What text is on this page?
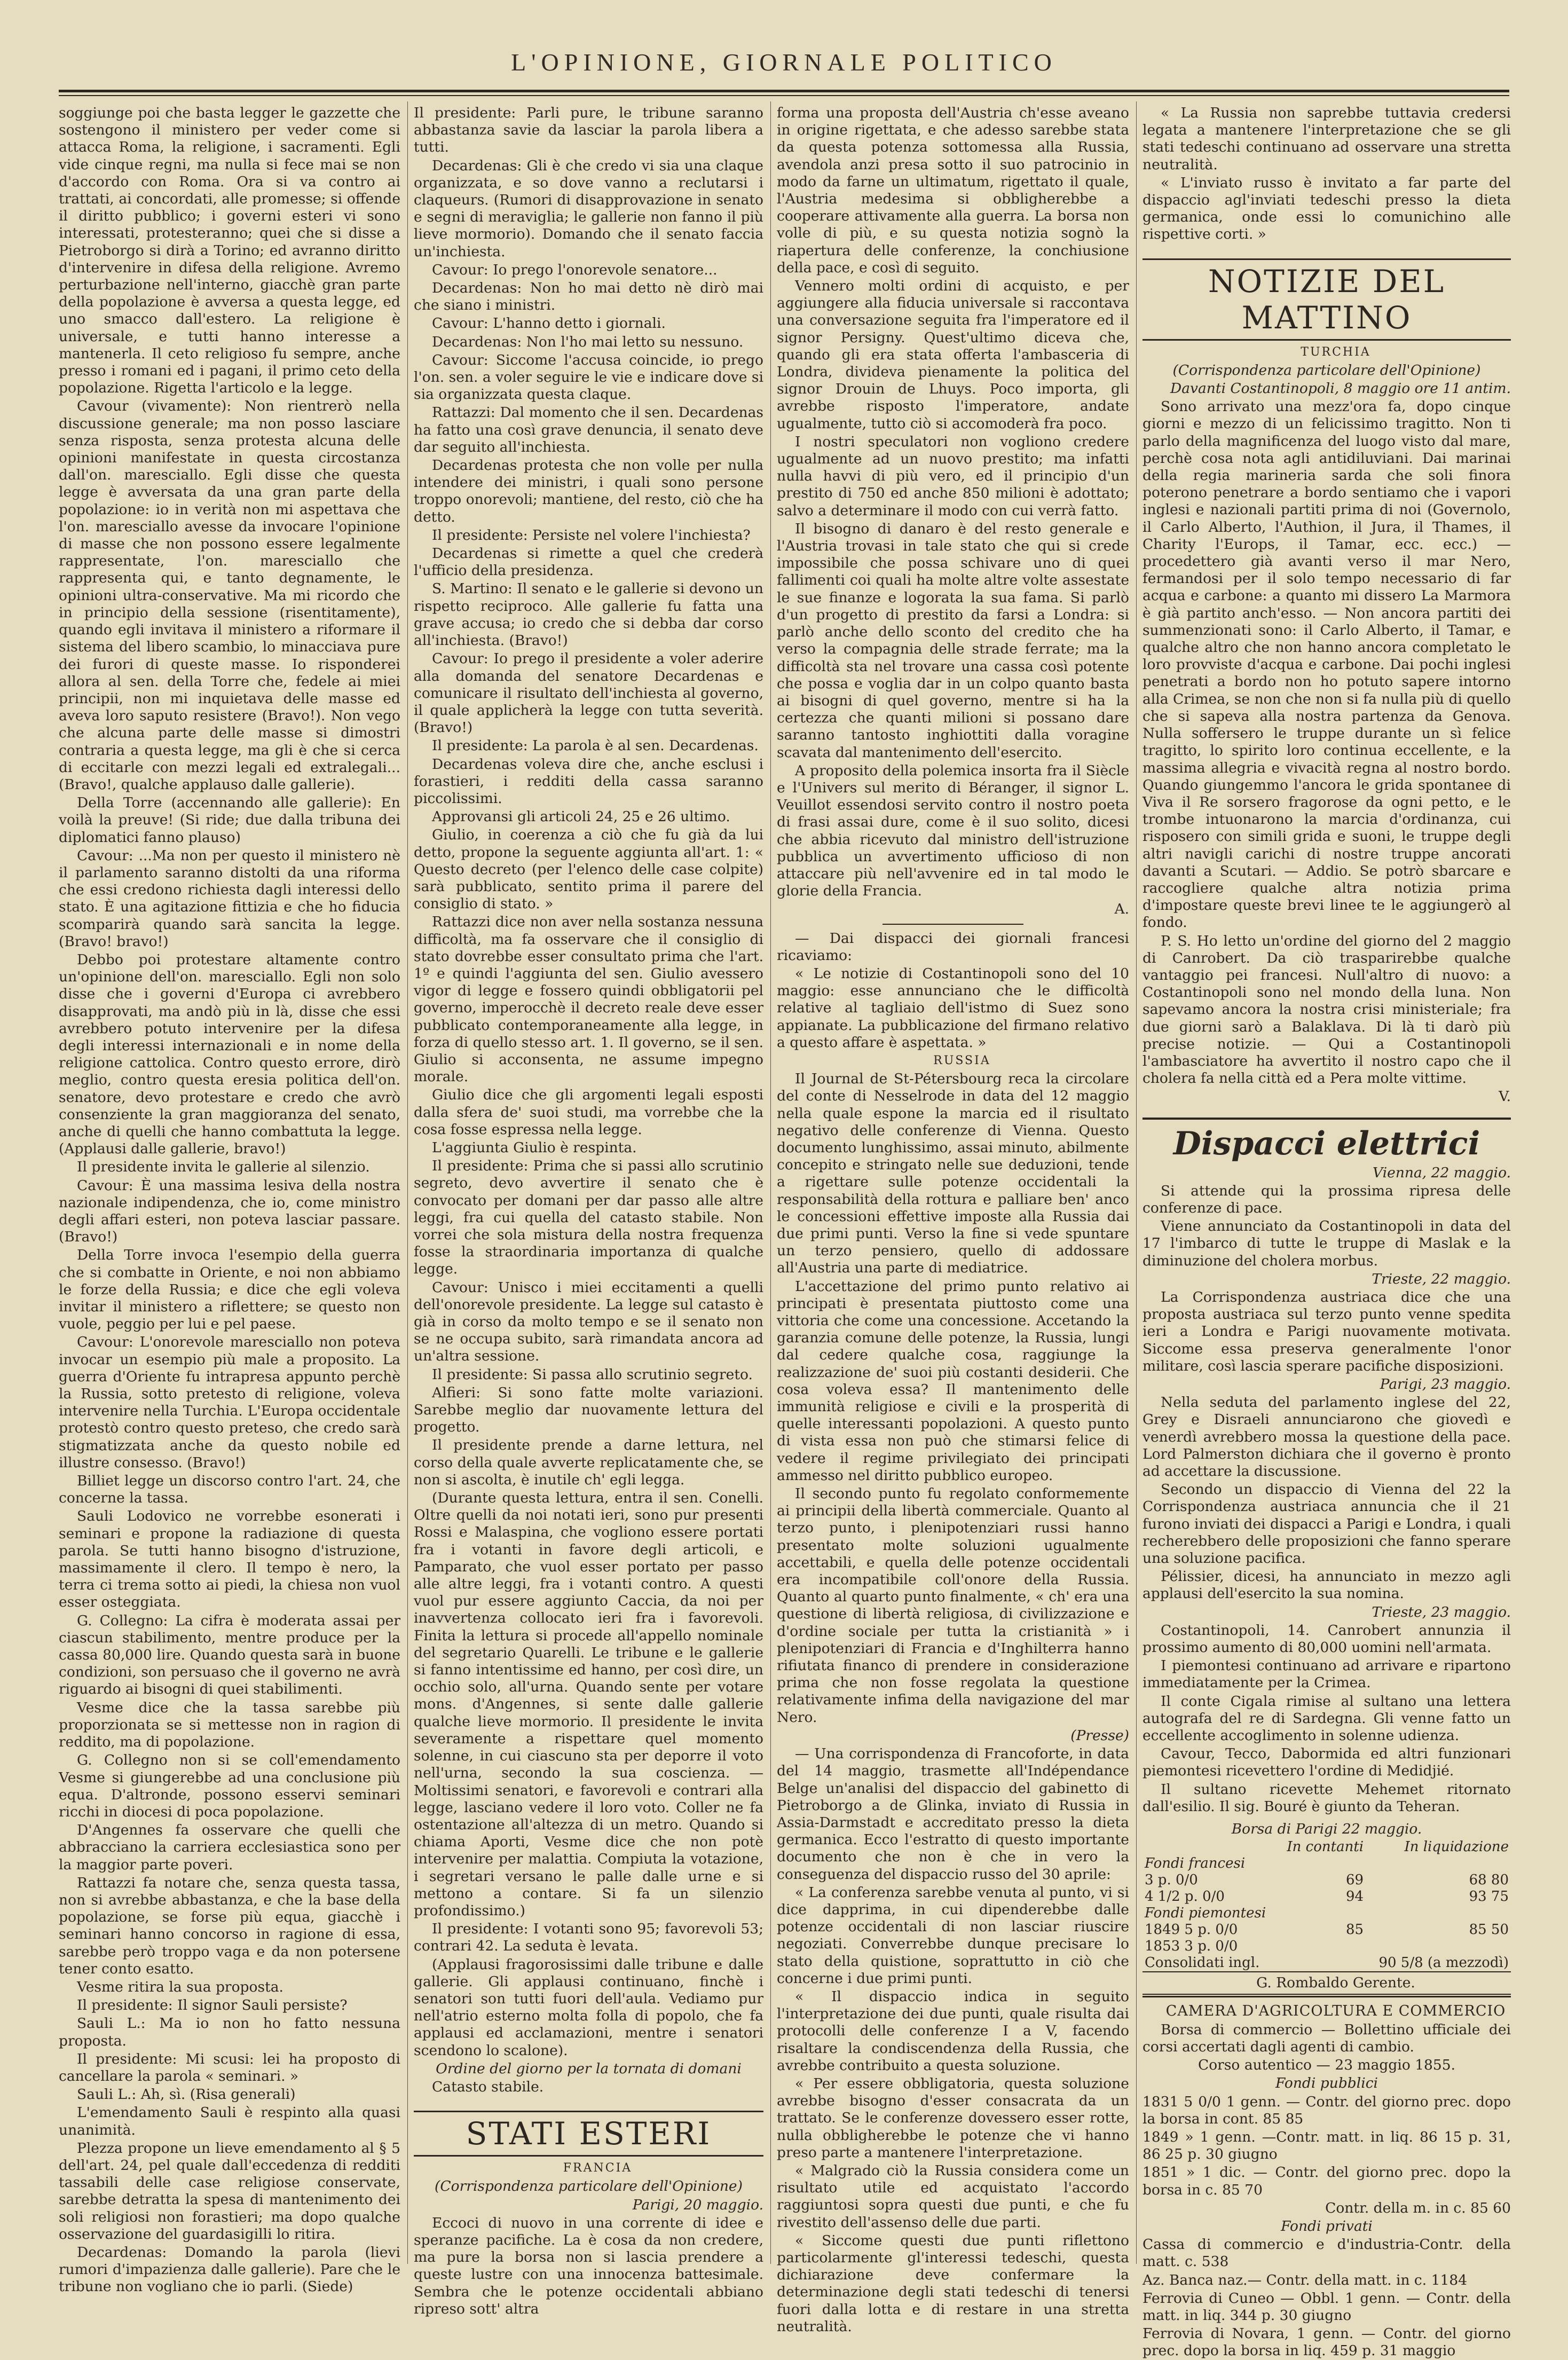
L'OPINIONE, GIORNALE POLITICO

soggiunge poi che basta legger le gazzette che sostengono il ministero per veder come si attacca Roma, la religione, i sacramenti. Egli vide cinque regni, ma nulla si fece mai se non d'accordo con Roma. Ora si va contro ai trattati, ai concordati, alle promesse; si offende il diritto pubblico; i governi esteri vi sono interessati, protesteranno; quei che si disse a Pietroborgo si dirà a Torino; ed avranno diritto d'intervenire in difesa della religione. Avremo perturbazione nell'interno, giacchè gran parte della popolazione è avversa a questa legge, ed uno smacco dall'estero. La religione è universale, e tutti hanno interesse a mantenerla. Il ceto religioso fu sempre, anche presso i romani ed i pagani, il primo ceto della popolazione. Rigetta l'articolo e la legge.

Cavour (vivamente): Non rientrerò nella discussione generale; ma non posso lasciare senza risposta, senza protesta alcuna delle opinioni manifestate in questa circostanza dall'on. maresciallo. Egli disse che questa legge è avversata da una gran parte della popolazione: io in verità non mi aspettava che l'on. maresciallo avesse da invocare l'opinione di masse che non possono essere legalmente rappresentate, l'on. maresciallo che rappresenta qui, e tanto degnamente, le opinioni ultra-conservative. Ma mi ricordo che in principio della sessione (risentitamente), quando egli invitava il ministero a riformare il sistema del libero scambio, lo minacciava pure dei furori di queste masse. Io risponderei allora al sen. della Torre che, fedele ai miei principii, non mi inquietava delle masse ed aveva loro saputo resistere (Bravo!). Non vego che alcuna parte delle masse si dimostri contraria a questa legge, ma gli è che si cerca di eccitarle con mezzi legali ed extralegali... (Bravo!, qualche applauso dalle gallerie).

Della Torre (accennando alle gallerie): En voilà la preuve! (Si ride; due dalla tribuna dei diplomatici fanno plauso)

Cavour: ...Ma non per questo il ministero nè il parlamento saranno distolti da una riforma che essi credono richiesta dagli interessi dello stato. È una agitazione fittizia e che ho fiducia scomparirà quando sarà sancita la legge. (Bravo! bravo!)

Debbo poi protestare altamente contro un'opinione dell'on. maresciallo. Egli non solo disse che i governi d'Europa ci avrebbero disapprovati, ma andò più in là, disse che essi avrebbero potuto intervenire per la difesa degli interessi internazionali e in nome della religione cattolica. Contro questo errore, dirò meglio, contro questa eresia politica dell'on. senatore, devo protestare e credo che avrò consenziente la gran maggioranza del senato, anche di quelli che hanno combattuta la legge. (Applausi dalle gallerie, bravo!)

Il presidente invita le gallerie al silenzio.

Cavour: È una massima lesiva della nostra nazionale indipendenza, che io, come ministro degli affari esteri, non poteva lasciar passare. (Bravo!)

Della Torre invoca l'esempio della guerra che si combatte in Oriente, e noi non abbiamo le forze della Russia; e dice che egli voleva invitar il ministero a riflettere; se questo non vuole, peggio per lui e pel paese.

Cavour: L'onorevole maresciallo non poteva invocar un esempio più male a proposito. La guerra d'Oriente fu intrapresa appunto perchè la Russia, sotto pretesto di religione, voleva intervenire nella Turchia. L'Europa occidentale protestò contro questo preteso, che credo sarà stigmatizzata anche da questo nobile ed illustre consesso. (Bravo!)

Billiet legge un discorso contro l'art. 24, che concerne la tassa.

Sauli Lodovico ne vorrebbe esonerati i seminari e propone la radiazione di questa parola. Se tutti hanno bisogno d'istruzione, massimamente il clero. Il tempo è nero, la terra ci trema sotto ai piedi, la chiesa non vuol esser osteggiata.

G. Collegno: La cifra è moderata assai per ciascun stabilimento, mentre produce per la cassa 80,000 lire. Quando questa sarà in buone condizioni, son persuaso che il governo ne avrà riguardo ai bisogni di quei stabilimenti.

Vesme dice che la tassa sarebbe più proporzionata se si mettesse non in ragion di reddito, ma di popolazione.

G. Collegno non si se coll'emendamento Vesme si giungerebbe ad una conclusione più equa. D'altronde, possono esservi seminari ricchi in diocesi di poca popolazione.

D'Angennes fa osservare che quelli che abbracciano la carriera ecclesiastica sono per la maggior parte poveri.

Rattazzi fa notare che, senza questa tassa, non si avrebbe abbastanza, e che la base della popolazione, se forse più equa, giacchè i seminari hanno concorso in ragione di essa, sarebbe però troppo vaga e da non potersene tener conto esatto.

Vesme ritira la sua proposta.

Il presidente: Il signor Sauli persiste?

Sauli L.: Ma io non ho fatto nessuna proposta.

Il presidente: Mi scusi: lei ha proposto di cancellare la parola « seminari. »

Sauli L.: Ah, sì. (Risa generali)

L'emendamento Sauli è respinto alla quasi unanimità.

Plezza propone un lieve emendamento al § 5 dell'art. 24, pel quale dall'eccedenza di redditi tassabili delle case religiose conservate, sarebbe detratta la spesa di mantenimento dei soli religiosi non forastieri; ma dopo qualche osservazione del guardasigilli lo ritira.

Decardenas: Domando la parola (lievi rumori d'impazienza dalle gallerie). Pare che le tribune non vogliano che io parli. (Siede)

Il presidente: Parli pure, le tribune saranno abbastanza savie da lasciar la parola libera a tutti.

Decardenas: Gli è che credo vi sia una claque organizzata, e so dove vanno a reclutarsi i claqueurs. (Rumori di disapprovazione in senato e segni di meraviglia; le gallerie non fanno il più lieve mormorio). Domando che il senato faccia un'inchiesta.

Cavour: Io prego l'onorevole senatore...

Decardenas: Non ho mai detto nè dirò mai che siano i ministri.

Cavour: L'hanno detto i giornali.

Decardenas: Non l'ho mai letto su nessuno.

Cavour: Siccome l'accusa coincide, io prego l'on. sen. a voler seguire le vie e indicare dove si sia organizzata questa claque.

Rattazzi: Dal momento che il sen. Decardenas ha fatto una così grave denuncia, il senato deve dar seguito all'inchiesta.

Decardenas protesta che non volle per nulla intendere dei ministri, i quali sono persone troppo onorevoli; mantiene, del resto, ciò che ha detto.

Il presidente: Persiste nel volere l'inchiesta?

Decardenas si rimette a quel che crederà l'ufficio della presidenza.

S. Martino: Il senato e le gallerie si devono un rispetto reciproco. Alle gallerie fu fatta una grave accusa; io credo che si debba dar corso all'inchiesta. (Bravo!)

Cavour: Io prego il presidente a voler aderire alla domanda del senatore Decardenas e comunicare il risultato dell'inchiesta al governo, il quale applicherà la legge con tutta severità. (Bravo!)

Il presidente: La parola è al sen. Decardenas.

Decardenas voleva dire che, anche esclusi i forastieri, i redditi della cassa saranno piccolissimi.

Approvansi gli articoli 24, 25 e 26 ultimo.

Giulio, in coerenza a ciò che fu già da lui detto, propone la seguente aggiunta all'art. 1: « Questo decreto (per l'elenco delle case colpite) sarà pubblicato, sentito prima il parere del consiglio di stato. »

Rattazzi dice non aver nella sostanza nessuna difficoltà, ma fa osservare che il consiglio di stato dovrebbe esser consultato prima che l'art. 1º e quindi l'aggiunta del sen. Giulio avessero vigor di legge e fossero quindi obbligatorii pel governo, imperocchè il decreto reale deve esser pubblicato contemporaneamente alla legge, in forza di quello stesso art. 1. Il governo, se il sen. Giulio si acconsenta, ne assume impegno morale.

Giulio dice che gli argomenti legali esposti dalla sfera de' suoi studi, ma vorrebbe che la cosa fosse espressa nella legge.

L'aggiunta Giulio è respinta.

Il presidente: Prima che si passi allo scrutinio segreto, devo avvertire il senato che è convocato per domani per dar passo alle altre leggi, fra cui quella del catasto stabile. Non vorrei che sola mistura della nostra frequenza fosse la straordinaria importanza di qualche legge.

Cavour: Unisco i miei eccitamenti a quelli dell'onorevole presidente. La legge sul catasto è già in corso da molto tempo e se il senato non se ne occupa subito, sarà rimandata ancora ad un'altra sessione.

Il presidente: Si passa allo scrutinio segreto.

Alfieri: Si sono fatte molte variazioni. Sarebbe meglio dar nuovamente lettura del progetto.

Il presidente prende a darne lettura, nel corso della quale avverte replicatamente che, se non si ascolta, è inutile ch' egli legga.

(Durante questa lettura, entra il sen. Conelli. Oltre quelli da noi notati ieri, sono pur presenti Rossi e Malaspina, che vogliono essere portati fra i votanti in favore degli articoli, e Pamparato, che vuol esser portato per passo alle altre leggi, fra i votanti contro. A questi vuol pur essere aggiunto Caccia, da noi per inavvertenza collocato ieri fra i favorevoli. Finita la lettura si procede all'appello nominale del segretario Quarelli. Le tribune e le gallerie si fanno intentissime ed hanno, per così dire, un occhio solo, all'urna. Quando sente per votare mons. d'Angennes, si sente dalle gallerie qualche lieve mormorio. Il presidente le invita severamente a rispettare quel momento solenne, in cui ciascuno sta per deporre il voto nell'urna, secondo la sua coscienza. — Moltissimi senatori, e favorevoli e contrari alla legge, lasciano vedere il loro voto. Coller ne fa ostentazione all'altezza di un metro. Quando si chiama Aporti, Vesme dice che non potè intervenire per malattia. Compiuta la votazione, i segretari versano le palle dalle urne e si mettono a contare. Si fa un silenzio profondissimo.)

Il presidente: I votanti sono 95; favorevoli 53; contrari 42. La seduta è levata.

(Applausi fragorosissimi dalle tribune e dalle gallerie. Gli applausi continuano, finchè i senatori son tutti fuori dell'aula. Vediamo pur nell'atrio esterno molta folla di popolo, che fa applausi ed acclamazioni, mentre i senatori scendono lo scalone).

Ordine del giorno per la tornata di domani

Catasto stabile.

STATI ESTERI

FRANCIA

(Corrispondenza particolare dell'Opinione)

Parigi, 20 maggio.

Eccoci di nuovo in una corrente di idee e speranze pacifiche. La è cosa da non credere, ma pure la borsa non si lascia prendere a queste lustre con una innocenza battesimale. Sembra che le potenze occidentali abbiano ripreso sott' altra

forma una proposta dell'Austria ch'esse aveano in origine rigettata, e che adesso sarebbe stata da questa potenza sottomessa alla Russia, avendola anzi presa sotto il suo patrocinio in modo da farne un ultimatum, rigettato il quale, l'Austria medesima si obbligherebbe a cooperare attivamente alla guerra. La borsa non volle di più, e su questa notizia sognò la riapertura delle conferenze, la conchiusione della pace, e così di seguito.

Vennero molti ordini di acquisto, e per aggiungere alla fiducia universale si raccontava una conversazione seguita fra l'imperatore ed il signor Persigny. Quest'ultimo diceva che, quando gli era stata offerta l'ambasceria di Londra, divideva pienamente la politica del signor Drouin de Lhuys. Poco importa, gli avrebbe risposto l'imperatore, andate ugualmente, tutto ciò si accomoderà fra poco.

I nostri speculatori non vogliono credere ugualmente ad un nuovo prestito; ma infatti nulla havvi di più vero, ed il principio d'un prestito di 750 ed anche 850 milioni è adottato; salvo a determinare il modo con cui verrà fatto.

Il bisogno di danaro è del resto generale e l'Austria trovasi in tale stato che qui si crede impossibile che possa schivare uno di quei fallimenti coi quali ha molte altre volte assestate le sue finanze e logorata la sua fama. Si parlò d'un progetto di prestito da farsi a Londra: si parlò anche dello sconto del credito che ha verso la compagnia delle strade ferrate; ma la difficoltà sta nel trovare una cassa così potente che possa e voglia dar in un colpo quanto basta ai bisogni di quel governo, mentre si ha la certezza che quanti milioni si possano dare saranno tantosto inghiottiti dalla voragine scavata dal mantenimento dell'esercito.

A proposito della polemica insorta fra il Siècle e l'Univers sul merito di Béranger, il signor L. Veuillot essendosi servito contro il nostro poeta di frasi assai dure, come è il suo solito, dicesi che abbia ricevuto dal ministro dell'istruzione pubblica un avvertimento ufficioso di non attaccare più nell'avvenire ed in tal modo le glorie della Francia.

A.

— Dai dispacci dei giornali francesi ricaviamo:

« Le notizie di Costantinopoli sono del 10 maggio: esse annunciano che le difficoltà relative al tagliaio dell'istmo di Suez sono appianate. La pubblicazione del firmano relativo a questo affare è aspettata. »

RUSSIA

Il Journal de St-Pétersbourg reca la circolare del conte di Nesselrode in data del 12 maggio nella quale espone la marcia ed il risultato negativo delle conferenze di Vienna. Questo documento lunghissimo, assai minuto, abilmente concepito e stringato nelle sue deduzioni, tende a rigettare sulle potenze occidentali la responsabilità della rottura e palliare ben' anco le concessioni effettive imposte alla Russia dai due primi punti. Verso la fine si vede spuntare un terzo pensiero, quello di addossare all'Austria una parte di mediatrice.

L'accettazione del primo punto relativo ai principati è presentata piuttosto come una vittoria che come una concessione. Accetando la garanzia comune delle potenze, la Russia, lungi dal cedere qualche cosa, raggiunge la realizzazione de' suoi più costanti desiderii. Che cosa voleva essa? Il mantenimento delle immunità religiose e civili e la prosperità di quelle interessanti popolazioni. A questo punto di vista essa non può che stimarsi felice di vedere il regime privilegiato dei principati ammesso nel diritto pubblico europeo.

Il secondo punto fu regolato conformemente ai principii della libertà commerciale. Quanto al terzo punto, i plenipotenziari russi hanno presentato molte soluzioni ugualmente accettabili, e quella delle potenze occidentali era incompatibile coll'onore della Russia. Quanto al quarto punto finalmente, « ch' era una questione di libertà religiosa, di civilizzazione e d'ordine sociale per tutta la cristianità » i plenipotenziari di Francia e d'Inghilterra hanno rifiutata financo di prendere in considerazione prima che non fosse regolata la questione relativamente infima della navigazione del mar Nero.

(Presse)

— Una corrispondenza di Francoforte, in data del 14 maggio, trasmette all'Indépendance Belge un'analisi del dispaccio del gabinetto di Pietroborgo a de Glinka, inviato di Russia in Assia-Darmstadt e accreditato presso la dieta germanica. Ecco l'estratto di questo importante documento che non è che in vero la conseguenza del dispaccio russo del 30 aprile:

« La conferenza sarebbe venuta al punto, vi si dice dapprima, in cui dipenderebbe dalle potenze occidentali di non lasciar riuscire negoziati. Converrebbe dunque precisare lo stato della quistione, soprattutto in ciò che concerne i due primi punti.

« Il dispaccio indica in seguito l'interpretazione dei due punti, quale risulta dai protocolli delle conferenze I a V, facendo risaltare la condiscendenza della Russia, che avrebbe contribuito a questa soluzione.

« Per essere obbligatoria, questa soluzione avrebbe bisogno d'esser consacrata da un trattato. Se le conferenze dovessero esser rotte, nulla obbligherebbe le potenze che vi hanno preso parte a mantenere l'interpretazione.

« Malgrado ciò la Russia considera come un risultato utile ed acquistato l'accordo raggiuntosi sopra questi due punti, e che fu rivestito dell'assenso delle due parti.

« Siccome questi due punti riflettono particolarmente gl'interessi tedeschi, questa dichiarazione deve confermare la determinazione degli stati tedeschi di tenersi fuori dalla lotta e di restare in una stretta neutralità.

« La Russia non saprebbe tuttavia credersi legata a mantenere l'interpretazione che se gli stati tedeschi continuano ad osservare una stretta neutralità.

« L'inviato russo è invitato a far parte del dispaccio agl'inviati tedeschi presso la dieta germanica, onde essi lo comunichino alle rispettive corti. »

NOTIZIE DEL MATTINO

TURCHIA

(Corrispondenza particolare dell'Opinione)

Davanti Costantinopoli, 8 maggio ore 11 antim.

Sono arrivato una mezz'ora fa, dopo cinque giorni e mezzo di un felicissimo tragitto. Non ti parlo della magnificenza del luogo visto dal mare, perchè cosa nota agli antidiluviani. Dai marinai della regia marineria sarda che soli finora poterono penetrare a bordo sentiamo che i vapori inglesi e nazionali partiti prima di noi (Governolo, il Carlo Alberto, l'Authion, il Jura, il Thames, il Charity l'Europs, il Tamar, ecc. ecc.) — procedettero già avanti verso il mar Nero, fermandosi per il solo tempo necessario di far acqua e carbone: a quanto mi dissero La Marmora è già partito anch'esso. — Non ancora partiti dei summenzionati sono: il Carlo Alberto, il Tamar, e qualche altro che non hanno ancora completato le loro provviste d'acqua e carbone. Dai pochi inglesi penetrati a bordo non ho potuto sapere intorno alla Crimea, se non che non si fa nulla più di quello che si sapeva alla nostra partenza da Genova. Nulla soffersero le truppe durante un sì felice tragitto, lo spirito loro continua eccellente, e la massima allegria e vivacità regna al nostro bordo. Quando giungemmo l'ancora le grida spontanee di Viva il Re sorsero fragorose da ogni petto, e le trombe intuonarono la marcia d'ordinanza, cui risposero con simili grida e suoni, le truppe degli altri navigli carichi di nostre truppe ancorati davanti a Scutari. — Addio. Se potrò sbarcare e raccogliere qualche altra notizia prima d'impostare queste brevi linee te le aggiungerò al fondo.

P. S. Ho letto un'ordine del giorno del 2 maggio di Canrobert. Da ciò trasparirebbe qualche vantaggio pei francesi. Null'altro di nuovo: a Costantinopoli sono nel mondo della luna. Non sapevamo ancora la nostra crisi ministeriale; fra due giorni sarò a Balaklava. Di là ti darò più precise notizie. — Qui a Costantinopoli l'ambasciatore ha avvertito il nostro capo che il cholera fa nella città ed a Pera molte vittime.

V.

Dispacci elettrici

Vienna, 22 maggio.

Si attende qui la prossima ripresa delle conferenze di pace.

Viene annunciato da Costantinopoli in data del 17 l'imbarco di tutte le truppe di Maslak e la diminuzione del cholera morbus.

Trieste, 22 maggio.

La Corrispondenza austriaca dice che una proposta austriaca sul terzo punto venne spedita ieri a Londra e Parigi nuovamente motivata. Siccome essa preserva generalmente l'onor militare, così lascia sperare pacifiche disposizioni.

Parigi, 23 maggio.

Nella seduta del parlamento inglese del 22, Grey e Disraeli annunciarono che giovedì e venerdì avrebbero mossa la questione della pace. Lord Palmerston dichiara che il governo è pronto ad accettare la discussione.

Secondo un dispaccio di Vienna del 22 la Corrispondenza austriaca annuncia che il 21 furono inviati dei dispacci a Parigi e Londra, i quali recherebbero delle proposizioni che fanno sperare una soluzione pacifica.

Pélissier, dicesi, ha annunciato in mezzo agli applausi dell'esercito la sua nomina.

Trieste, 23 maggio.

Costantinopoli, 14. Canrobert annunzia il prossimo aumento di 80,000 uomini nell'armata.

I piemontesi continuano ad arrivare e ripartono immediatamente per la Crimea.

Il conte Cigala rimise al sultano una lettera autografa del re di Sardegna. Gli venne fatto un eccellente accoglimento in solenne udienza.

Cavour, Tecco, Dabormida ed altri funzionari piemontesi ricevettero l'ordine di Medidjié.

Il sultano ricevette Mehemet ritornato dall'esilio. Il sig. Bouré è giunto da Teheran.

Borsa di Parigi 22 maggio.

	In contanti	In liquidazione
Fondi francesi		
3 p. 0/0	69	68 80
4 1/2 p. 0/0	94	93 75
Fondi piemontesi		
1849 5 p. 0/0	85	85 50
1853 3 p. 0/0		
Consolidati ingl.		90 5/8 (a mezzodì)

G. Rombaldo Gerente.

CAMERA D'AGRICOLTURA E COMMERCIO

Borsa di commercio — Bollettino ufficiale dei corsi accertati dagli agenti di cambio.

Corso autentico — 23 maggio 1855.

Fondi pubblici

1831 5 0/0 1 genn. — Contr. del giorno prec. dopo la borsa in cont. 85 85

1849 » 1 genn. —Contr. matt. in liq. 86 15 p. 31, 86 25 p. 30 giugno

1851 » 1 dic. — Contr. del giorno prec. dopo la borsa in c. 85 70

Contr. della m. in c. 85 60

Fondi privati

Cassa di commercio e d'industria-Contr. della matt. c. 538

Az. Banca naz.— Contr. della matt. in c. 1184

Ferrovia di Cuneo — Obbl. 1 genn. — Contr. della matt. in liq. 344 p. 30 giugno

Ferrovia di Novara, 1 genn. — Contr. del giorno prec. dopo la borsa in liq. 459 p. 31 maggio
